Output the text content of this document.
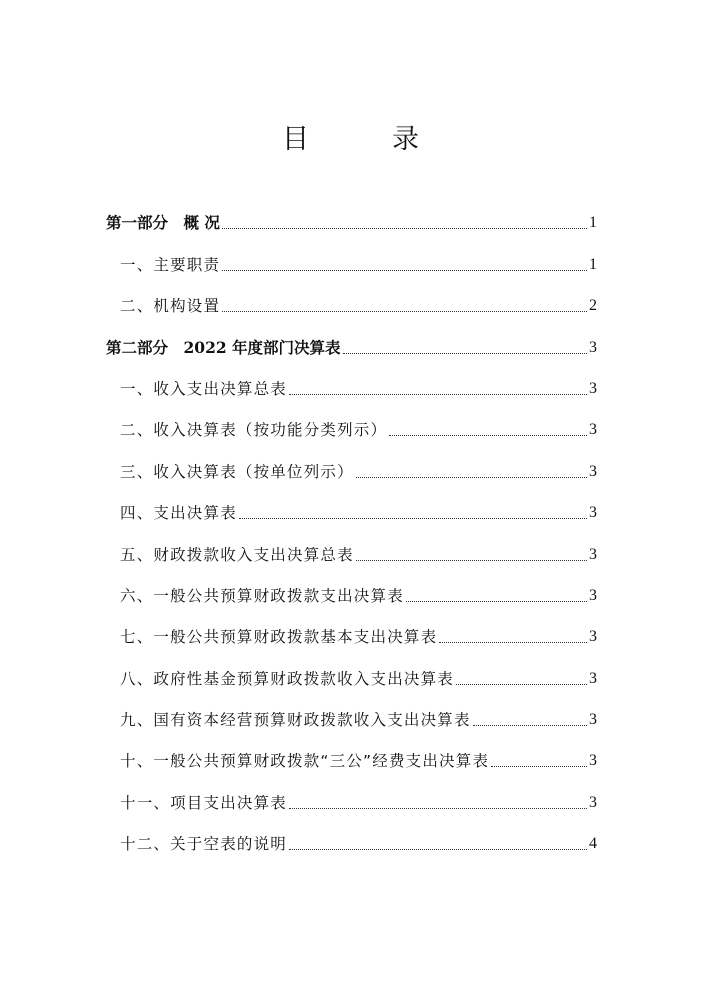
目　录
第一部分　概 况	1
一、主要职责	1
二、机构设置	2
第二部分　2022 年度部门决算表	3
一、收入支出决算总表	3
二、收入决算表（按功能分类列示）	3
三、收入决算表（按单位列示）	3
四、支出决算表	3
五、财政拨款收入支出决算总表	3
六、一般公共预算财政拨款支出决算表	3
七、一般公共预算财政拨款基本支出决算表	3
八、政府性基金预算财政拨款收入支出决算表	3
九、国有资本经营预算财政拨款收入支出决算表	3
十、一般公共预算财政拨款“三公”经费支出决算表	3
十一、项目支出决算表	3
十二、关于空表的说明	4
